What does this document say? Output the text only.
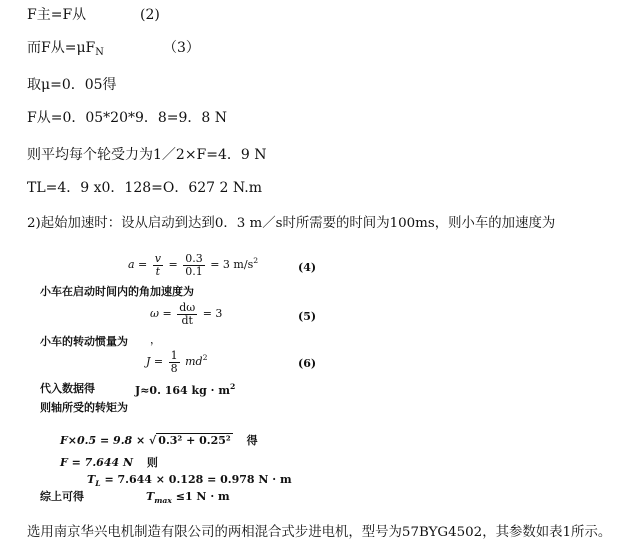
F主=F从	(2)
而F从$=\mu F_N$	（3）
取μ=0．05得
F从=0．05*20*9．8=9．8 N
则平均每个轮受力为1／2×F=4．9 N
TL=4．9 x0．128=O．627 2 N.m
2)起始加速时：设从启动到达到0．3 m／s时所需要的时间为100ms，则小车的加速度为
$a = \frac{v}{t} = \frac{0.3}{0.1} = 3$ $m/s^2$
(4)
小车在启动时间内的角加速度为
$\omega = \frac{d\omega}{dt} = 3$	(5)
小车的转动惯量为 ，
$J = \frac{1}{8} md^2$	(6)
代入数据得	J≈0. 164 kg · $m^2$
则轴所受的转矩为
F×0.5 = 9.8 × √ 0.3² + 0.25² 得
F = 7.644 N 则
$T_L = 7.644 \times 0.128 = 0.978$ N · m
综上可得	$T_{max} \le 1$ N · m
选用南京华兴电机制造有限公司的两相混合式步进电机，型号为57BYG4502，其参数如表1所示。
